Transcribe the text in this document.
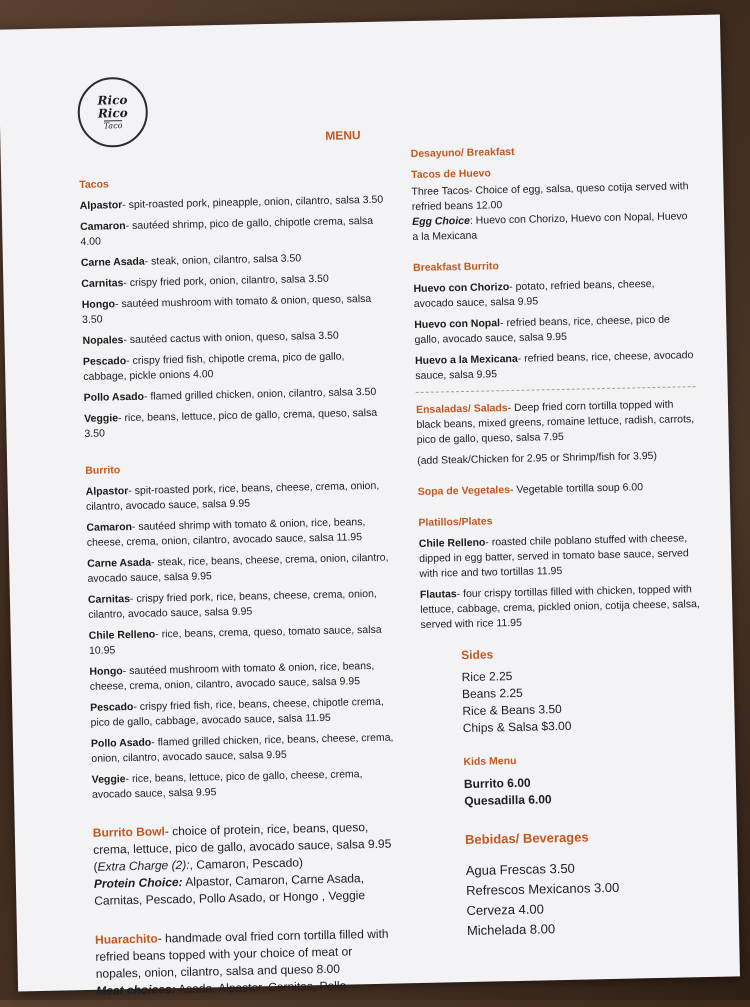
Rico
Rico
Taco
MENU
Tacos
Alpastor- spit-roasted pork, pineapple, onion, cilantro, salsa 3.50
Camaron- sautéed shrimp, pico de gallo, chipotle crema, salsa 4.00
Carne Asada- steak, onion, cilantro, salsa 3.50
Carnitas- crispy fried pork, onion, cilantro, salsa 3.50
Hongo- sautéed mushroom with tomato & onion, queso, salsa 3.50
Nopales- sautéed cactus with onion, queso, salsa 3.50
Pescado- crispy fried fish, chipotle crema, pico de gallo, cabbage, pickle onions 4.00
Pollo Asado- flamed grilled chicken, onion, cilantro, salsa 3.50
Veggie- rice, beans, lettuce, pico de gallo, crema, queso, salsa 3.50
Burrito
Alpastor- spit-roasted pork, rice, beans, cheese, crema, onion, cilantro, avocado sauce, salsa 9.95
Camaron- sautéed shrimp with tomato & onion, rice, beans, cheese, crema, onion, cilantro, avocado sauce, salsa 11.95
Carne Asada- steak, rice, beans, cheese, crema, onion, cilantro, avocado sauce, salsa 9.95
Carnitas- crispy fried pork, rice, beans, cheese, crema, onion, cilantro, avocado sauce, salsa 9.95
Chile Relleno- rice, beans, crema, queso, tomato sauce, salsa 10.95
Hongo- sautéed mushroom with tomato & onion, rice, beans, cheese, crema, onion, cilantro, avocado sauce, salsa 9.95
Pescado- crispy fried fish, rice, beans, cheese, chipotle crema, pico de gallo, cabbage, avocado sauce, salsa 11.95
Pollo Asado- flamed grilled chicken, rice, beans, cheese, crema, onion, cilantro, avocado sauce, salsa 9.95
Veggie- rice, beans, lettuce, pico de gallo, cheese, crema, avocado sauce, salsa 9.95
Burrito Bowl- choice of protein, rice, beans, queso, crema, lettuce, pico de gallo, avocado sauce, salsa 9.95 (Extra Charge (2):, Camaron, Pescado)
Protein Choice: Alpastor, Camaron, Carne Asada, Carnitas, Pescado, Pollo Asado, or Hongo , Veggie
Huarachito- handmade oval fried corn tortilla filled with refried beans topped with your choice of meat or nopales, onion, cilantro, salsa and queso 8.00
Meat choices: Asada, Alpastor, Carnitas, Pollo
Desayuno/ Breakfast
Tacos de Huevo
Three Tacos- Choice of egg, salsa, queso cotija served with refried beans 12.00
Egg Choice: Huevo con Chorizo, Huevo con Nopal, Huevo a la Mexicana
Breakfast Burrito
Huevo con Chorizo- potato, refried beans, cheese, avocado sauce, salsa 9.95
Huevo con Nopal- refried beans, rice, cheese, pico de gallo, avocado sauce, salsa 9.95
Huevo a la Mexicana- refried beans, rice, cheese, avocado sauce, salsa 9.95
Ensaladas/ Salads- Deep fried corn tortilla topped with black beans, mixed greens, romaine lettuce, radish, carrots, pico de gallo, queso, salsa 7.95
(add Steak/Chicken for 2.95 or Shrimp/fish for 3.95)
Sopa de Vegetales- Vegetable tortilla soup 6.00
Platillos/Plates
Chile Relleno- roasted chile poblano stuffed with cheese, dipped in egg batter, served in tomato base sauce, served with rice and two tortillas 11.95
Flautas- four crispy tortillas filled with chicken, topped with lettuce, cabbage, crema, pickled onion, cotija cheese, salsa, served with rice 11.95
Sides
Rice 2.25
Beans 2.25
Rice & Beans 3.50
Chips & Salsa $3.00
Kids Menu
Burrito 6.00
Quesadilla 6.00
Bebidas/ Beverages
Agua Frescas 3.50
Refrescos Mexicanos 3.00
Cerveza 4.00
Michelada 8.00
